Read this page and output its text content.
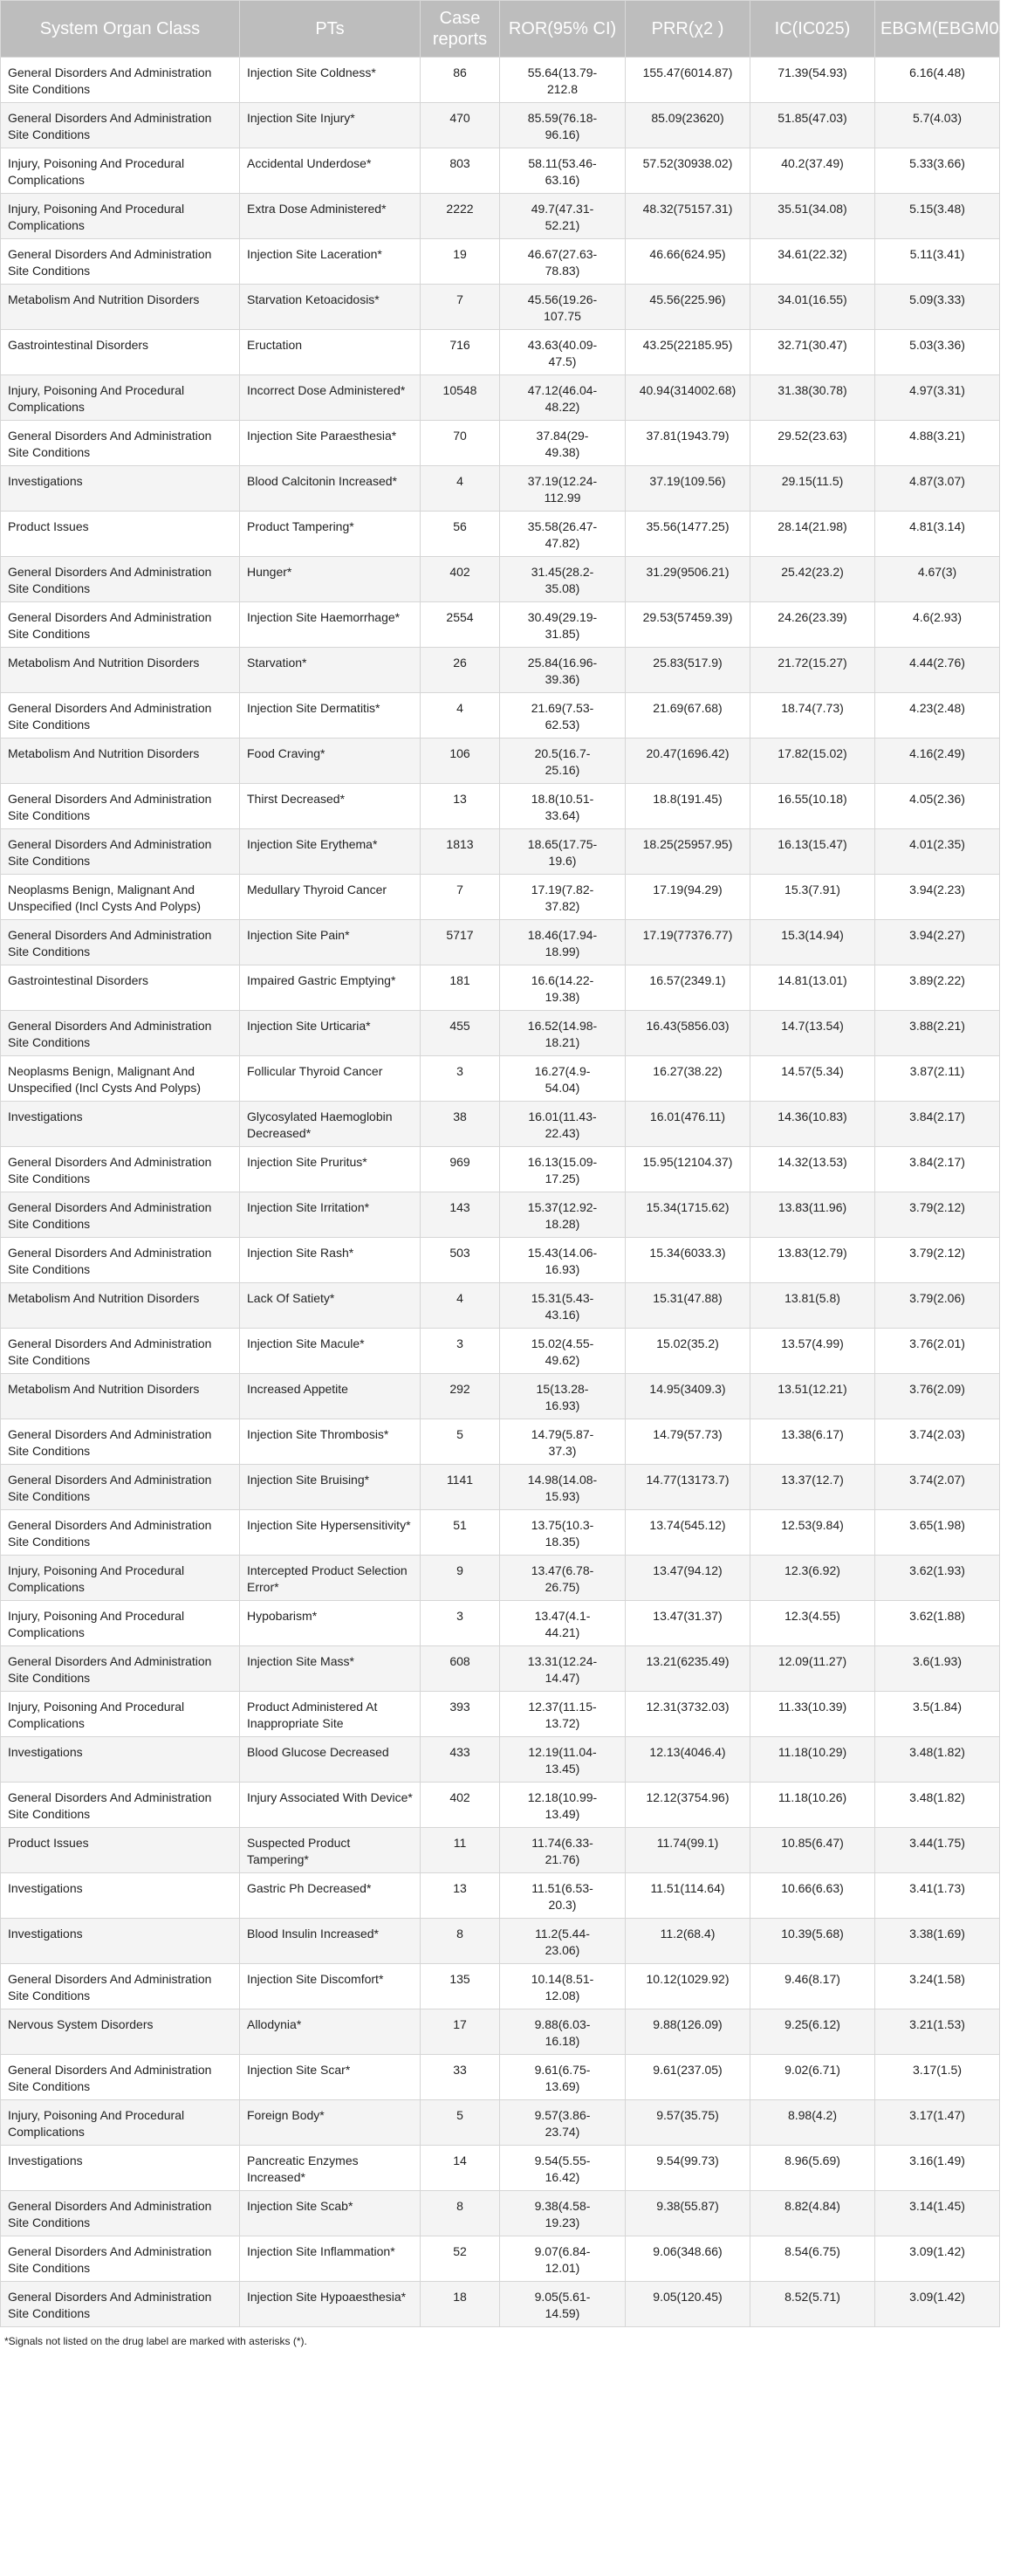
System Organ Class	PTs	Case reports	ROR(95% CI)	PRR(χ2 )	IC(IC025)	EBGM(EBGM05)
General Disorders And Administration Site Conditions	Injection Site Coldness*	86	55.64(13.79-212.8	155.47(6014.87)	71.39(54.93)	6.16(4.48)
General Disorders And Administration Site Conditions	Injection Site Injury*	470	85.59(76.18-96.16)	85.09(23620)	51.85(47.03)	5.7(4.03)
Injury, Poisoning And Procedural Complications	Accidental Underdose*	803	58.11(53.46-63.16)	57.52(30938.02)	40.2(37.49)	5.33(3.66)
Injury, Poisoning And Procedural Complications	Extra Dose Administered*	2222	49.7(47.31-52.21)	48.32(75157.31)	35.51(34.08)	5.15(3.48)
General Disorders And Administration Site Conditions	Injection Site Laceration*	19	46.67(27.63-78.83)	46.66(624.95)	34.61(22.32)	5.11(3.41)
Metabolism And Nutrition Disorders	Starvation Ketoacidosis*	7	45.56(19.26-107.75	45.56(225.96)	34.01(16.55)	5.09(3.33)
Gastrointestinal Disorders	Eructation	716	43.63(40.09-47.5)	43.25(22185.95)	32.71(30.47)	5.03(3.36)
Injury, Poisoning And Procedural Complications	Incorrect Dose Administered*	10548	47.12(46.04-48.22)	40.94(314002.68)	31.38(30.78)	4.97(3.31)
General Disorders And Administration Site Conditions	Injection Site Paraesthesia*	70	37.84(29-49.38)	37.81(1943.79)	29.52(23.63)	4.88(3.21)
Investigations	Blood Calcitonin Increased*	4	37.19(12.24-112.99	37.19(109.56)	29.15(11.5)	4.87(3.07)
Product Issues	Product Tampering*	56	35.58(26.47-47.82)	35.56(1477.25)	28.14(21.98)	4.81(3.14)
General Disorders And Administration Site Conditions	Hunger*	402	31.45(28.2-35.08)	31.29(9506.21)	25.42(23.2)	4.67(3)
General Disorders And Administration Site Conditions	Injection Site Haemorrhage*	2554	30.49(29.19-31.85)	29.53(57459.39)	24.26(23.39)	4.6(2.93)
Metabolism And Nutrition Disorders	Starvation*	26	25.84(16.96-39.36)	25.83(517.9)	21.72(15.27)	4.44(2.76)
General Disorders And Administration Site Conditions	Injection Site Dermatitis*	4	21.69(7.53-62.53)	21.69(67.68)	18.74(7.73)	4.23(2.48)
Metabolism And Nutrition Disorders	Food Craving*	106	20.5(16.7-25.16)	20.47(1696.42)	17.82(15.02)	4.16(2.49)
General Disorders And Administration Site Conditions	Thirst Decreased*	13	18.8(10.51-33.64)	18.8(191.45)	16.55(10.18)	4.05(2.36)
General Disorders And Administration Site Conditions	Injection Site Erythema*	1813	18.65(17.75-19.6)	18.25(25957.95)	16.13(15.47)	4.01(2.35)
Neoplasms Benign, Malignant And Unspecified (Incl Cysts And Polyps)	Medullary Thyroid Cancer	7	17.19(7.82-37.82)	17.19(94.29)	15.3(7.91)	3.94(2.23)
General Disorders And Administration Site Conditions	Injection Site Pain*	5717	18.46(17.94-18.99)	17.19(77376.77)	15.3(14.94)	3.94(2.27)
Gastrointestinal Disorders	Impaired Gastric Emptying*	181	16.6(14.22-19.38)	16.57(2349.1)	14.81(13.01)	3.89(2.22)
General Disorders And Administration Site Conditions	Injection Site Urticaria*	455	16.52(14.98-18.21)	16.43(5856.03)	14.7(13.54)	3.88(2.21)
Neoplasms Benign, Malignant And Unspecified (Incl Cysts And Polyps)	Follicular Thyroid Cancer	3	16.27(4.9-54.04)	16.27(38.22)	14.57(5.34)	3.87(2.11)
Investigations	Glycosylated Haemoglobin Decreased*	38	16.01(11.43-22.43)	16.01(476.11)	14.36(10.83)	3.84(2.17)
General Disorders And Administration Site Conditions	Injection Site Pruritus*	969	16.13(15.09-17.25)	15.95(12104.37)	14.32(13.53)	3.84(2.17)
General Disorders And Administration Site Conditions	Injection Site Irritation*	143	15.37(12.92-18.28)	15.34(1715.62)	13.83(11.96)	3.79(2.12)
General Disorders And Administration Site Conditions	Injection Site Rash*	503	15.43(14.06-16.93)	15.34(6033.3)	13.83(12.79)	3.79(2.12)
Metabolism And Nutrition Disorders	Lack Of Satiety*	4	15.31(5.43-43.16)	15.31(47.88)	13.81(5.8)	3.79(2.06)
General Disorders And Administration Site Conditions	Injection Site Macule*	3	15.02(4.55-49.62)	15.02(35.2)	13.57(4.99)	3.76(2.01)
Metabolism And Nutrition Disorders	Increased Appetite	292	15(13.28-16.93)	14.95(3409.3)	13.51(12.21)	3.76(2.09)
General Disorders And Administration Site Conditions	Injection Site Thrombosis*	5	14.79(5.87-37.3)	14.79(57.73)	13.38(6.17)	3.74(2.03)
General Disorders And Administration Site Conditions	Injection Site Bruising*	1141	14.98(14.08-15.93)	14.77(13173.7)	13.37(12.7)	3.74(2.07)
General Disorders And Administration Site Conditions	Injection Site Hypersensitivity*	51	13.75(10.3-18.35)	13.74(545.12)	12.53(9.84)	3.65(1.98)
Injury, Poisoning And Procedural Complications	Intercepted Product Selection Error*	9	13.47(6.78-26.75)	13.47(94.12)	12.3(6.92)	3.62(1.93)
Injury, Poisoning And Procedural Complications	Hypobarism*	3	13.47(4.1-44.21)	13.47(31.37)	12.3(4.55)	3.62(1.88)
General Disorders And Administration Site Conditions	Injection Site Mass*	608	13.31(12.24-14.47)	13.21(6235.49)	12.09(11.27)	3.6(1.93)
Injury, Poisoning And Procedural Complications	Product Administered At Inappropriate Site	393	12.37(11.15-13.72)	12.31(3732.03)	11.33(10.39)	3.5(1.84)
Investigations	Blood Glucose Decreased	433	12.19(11.04-13.45)	12.13(4046.4)	11.18(10.29)	3.48(1.82)
General Disorders And Administration Site Conditions	Injury Associated With Device*	402	12.18(10.99-13.49)	12.12(3754.96)	11.18(10.26)	3.48(1.82)
Product Issues	Suspected Product Tampering*	11	11.74(6.33-21.76)	11.74(99.1)	10.85(6.47)	3.44(1.75)
Investigations	Gastric Ph Decreased*	13	11.51(6.53-20.3)	11.51(114.64)	10.66(6.63)	3.41(1.73)
Investigations	Blood Insulin Increased*	8	11.2(5.44-23.06)	11.2(68.4)	10.39(5.68)	3.38(1.69)
General Disorders And Administration Site Conditions	Injection Site Discomfort*	135	10.14(8.51-12.08)	10.12(1029.92)	9.46(8.17)	3.24(1.58)
Nervous System Disorders	Allodynia*	17	9.88(6.03-16.18)	9.88(126.09)	9.25(6.12)	3.21(1.53)
General Disorders And Administration Site Conditions	Injection Site Scar*	33	9.61(6.75-13.69)	9.61(237.05)	9.02(6.71)	3.17(1.5)
Injury, Poisoning And Procedural Complications	Foreign Body*	5	9.57(3.86-23.74)	9.57(35.75)	8.98(4.2)	3.17(1.47)
Investigations	Pancreatic Enzymes Increased*	14	9.54(5.55-16.42)	9.54(99.73)	8.96(5.69)	3.16(1.49)
General Disorders And Administration Site Conditions	Injection Site Scab*	8	9.38(4.58-19.23)	9.38(55.87)	8.82(4.84)	3.14(1.45)
General Disorders And Administration Site Conditions	Injection Site Inflammation*	52	9.07(6.84-12.01)	9.06(348.66)	8.54(6.75)	3.09(1.42)
General Disorders And Administration Site Conditions	Injection Site Hypoaesthesia*	18	9.05(5.61-14.59)	9.05(120.45)	8.52(5.71)	3.09(1.42)
*Signals not listed on the drug label are marked with asterisks (*).
